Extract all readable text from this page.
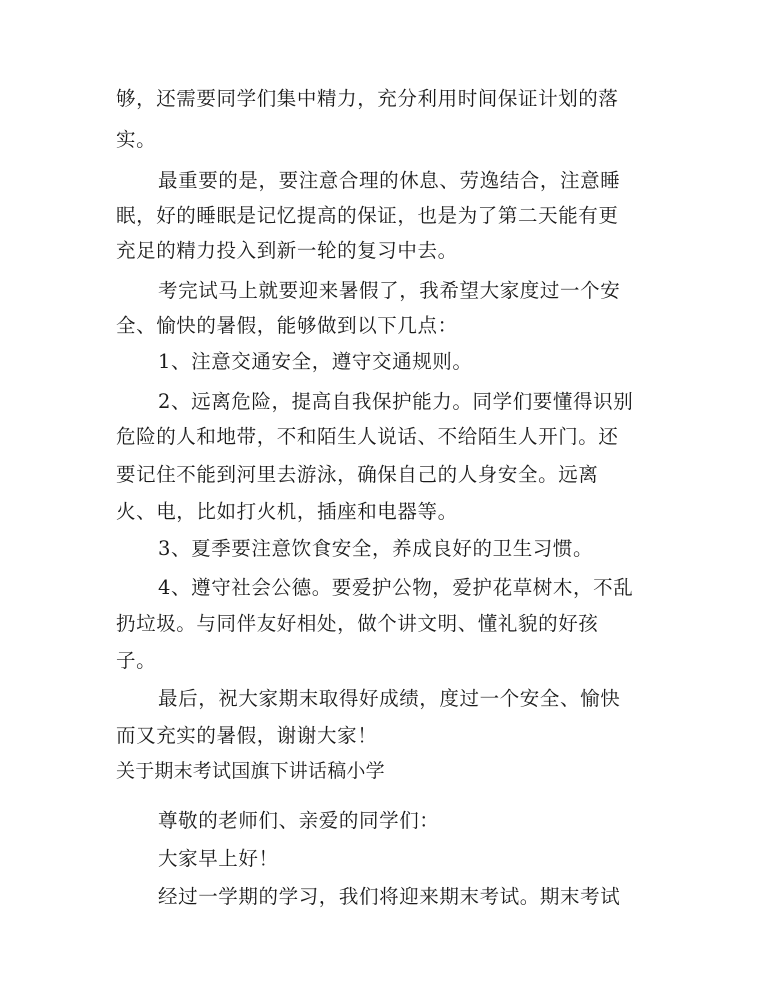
够，还需要同学们集中精力，充分利用时间保证计划的落
实。
最重要的是，要注意合理的休息、劳逸结合，注意睡
眠，好的睡眠是记忆提高的保证，也是为了第二天能有更
充足的精力投入到新一轮的复习中去。
考完试马上就要迎来暑假了，我希望大家度过一个安
全、愉快的暑假，能够做到以下几点：
1、注意交通安全，遵守交通规则。
2、远离危险，提高自我保护能力。同学们要懂得识别
危险的人和地带，不和陌生人说话、不给陌生人开门。还
要记住不能到河里去游泳，确保自己的人身安全。远离
火、电，比如打火机，插座和电器等。
3、夏季要注意饮食安全，养成良好的卫生习惯。
4、遵守社会公德。要爱护公物，爱护花草树木，不乱
扔垃圾。与同伴友好相处，做个讲文明、懂礼貌的好孩
子。
最后，祝大家期末取得好成绩，度过一个安全、愉快
而又充实的暑假，谢谢大家！
关于期末考试国旗下讲话稿小学
尊敬的老师们、亲爱的同学们：
大家早上好！
经过一学期的学习，我们将迎来期末考试。期末考试
